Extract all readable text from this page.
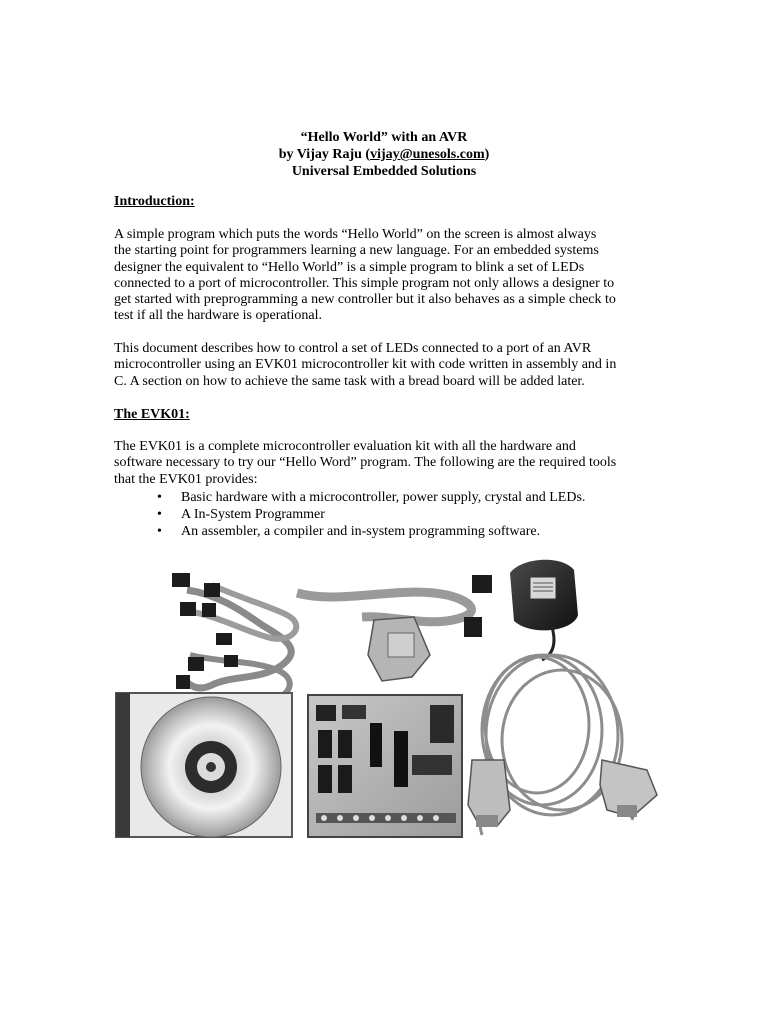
“Hello World” with an AVR
by Vijay Raju (vijay@unesols.com)
Universal Embedded Solutions
Introduction:
A simple program which puts the words “Hello World” on the screen is almost always
the starting point for programmers learning a new language. For an embedded systems
designer the equivalent to “Hello World” is a simple program to blink a set of LEDs
connected to a port of microcontroller. This simple program not only allows a designer to
get started with preprogramming a new controller but it also behaves as a simple check to
test if all the hardware is operational.
This document describes how to control a set of LEDs connected to a port of an AVR
microcontroller using an EVK01 microcontroller kit with code written in assembly and in
C. A section on how to achieve the same task with a bread board will be added later.
The EVK01:
The EVK01 is a complete microcontroller evaluation kit with all the hardware and
software necessary to try our “Hello Word” program. The following are the required tools
that the EVK01 provides:
• Basic hardware with a microcontroller, power supply, crystal and LEDs.
• A In-System Programmer
• An assembler, a compiler and in-system programming software.
